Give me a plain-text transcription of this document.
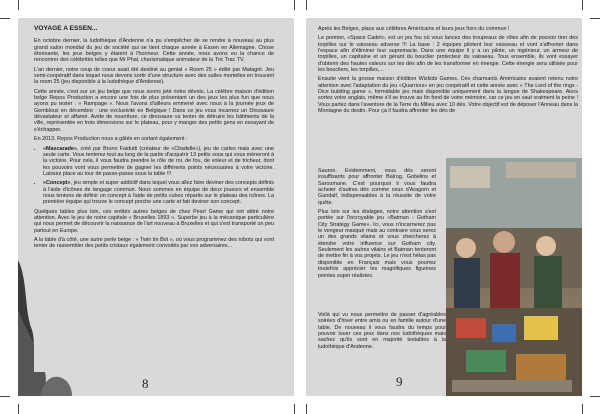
VOYAGE A ESSEN...

En octobre dernier, la ludothèque d'Andenne n'a pu s'empêcher de se rendre à nouveau au plus grand salon mondial du jeu de société qui se tient chaque année à Essen en Allemagne. Chose étonnante, les jeux belges y étaient à l'honneur. Cette année, nous avons eu la chance de rencontrer des célébrités telles que Mr Phal, charismatique animateur de la Tric Trac TV.

L'an dernier, notre coup de coeur avait été destiné au genial « Room 25 » édité par Matagot. Jeu semi-coopératif dans lequel nous devons sortir d'une structure avec des salles mortelles en trouvant la room 25 (jeu disponible à la ludothèque d'Andenne).

Cette année, c'est sur un jeu belge que nous avons jeté notre dévolu. La célèbre maison d'édition belge Repos Production a encore une fois de plus présentant un des jeux les plus fun que nous ayons pu tester : « Rampage ». Nous l'avons d'ailleurs emmené avec nous à la journée jeux de Gembloux en décembre : une exclusivité en Belgique ! Dans ce jeu vous incarnez un Dinosaure dévastateur et affamé. Avide de nourriture, ce dinosaure va tenter de détruire les bâtiments de la ville, représentée en trois dimensions sur le plateau, pour y manger des petits gens en essayant de s'échapper.

En 2013, Repos Production nous a gâtés en sortant également :

• «Mascarade», créé par Bruno Faidutti (créateur de «Citadelle»), jeu de cartes mais avec une seule carte. Vous tenterez tout au long de la partie d'acquérir 13 petits sous qui vous mèneront à la victoire. Pour cela, il vous faudra prendre le rôle de roi, de fou, de voleur et de tricheur, dont les pouvoirs vont vous permettre de gagner les différents points nécessaires à votre victoire. Laissez place au tour de passe-passe sous la table !!!
• «Concept», jeu simple et super addictif dans lequel vous allez faire deviner des concepts définis à l'aide d'icônes de langage commun. Nous sommes en équipe de deux joueurs et ensemble nous tentons de définir un concept à l'aide de petits cubes répartis sur le plateau des icônes. La première équipe qui trouve le concept proche une carte et fait deviner son concept.

Quelques tables plus loin, ces entités autres belges de chez Pearl Game qui ont attiré notre attention. Avec le jeu de notre capitale « Bruxelles 1893 ». Superbe jeu à la mécanique particulière qui nous permet de découvrir la naissance de l'art nouveau à Bruxelles et qui s'est transporté un peu partout en Europe.

A la table d'à côté, une autre perle belge : « Twin tin Bot », où vous programmez des robots qui vont tenter de rassembler des petits cristaux également convoités par vos adversaires...

8

Après les Belges, place aux célèbres Américains et leurs jeux hors du commun !

Le premier, «Space Cadet», est un jeu fou où vous lancez des troupeaux de rôles afin de pouvoir tirer des torpilles sur le vaisseau adverse !!! La base : 2 équipes pilotent leur vaisseau et vont s'affronter dans l'espace afin d'éliminer leur supremacie. Dans une équipe il y a un pilote, un ingénieur, un armeur de torpilles, un capitaine et un gérant du bouclier protecteur du vaisseau. Tous ensemble, ils vont essayer d'obtenir des hautes valeurs sur les dés afin de les transformer en énergie. Cette énergie sera utilisée pour les boucliers, les torpilles,...

Ensuite vient la grosse maison d'édition Wizkids Games. Ces charmants Américains avaient retenu notre attention avec l'adaptation du jeu «Quarriors» en jeu coopératif et cette année avec « The Lord of the rings - Dice building game », formidable jeu mais disponible uniquement dans la langue de Shakespeare. Alors sortez votre anglais, même s'il se trouve au fin fond de votre mémoire, car ce jeu en vaut vraiment la peine ! Vous partez dans l'aventure de la Terre du Milieu avec 10 dés. Votre objectif est de déposer l'Anneau dans la Montagne du destin. Pour ça il faudra affronter les dés de

Sauron. Evidemment, vous dés seront insuffisants pour affronter Balrog, Gobelins et Saroumane. C'est pourquoi il vous faudra acheter d'autres dés comme ceux d'Aragorn et Gandalf, indispensables à la réussite de votre quête.

Plus loin sur les étalages, notre attention s'est portée sur l'incroyable jeu «Batman - Gotham City Strategy Game». Ici, vous n'incarnerez pas le vengeur masqué mais au contraire vous serez un des grands vilains et vous chercherez à étendre votre influence sur Gotham city. Seulement les autres vilains et Batman tenteront de mettre fin à vos projets. Le jeu n'est hélas pas disponible en Français mais vous pourrez toutefois apprécier les magnifiques figurines peintes super réalistes.

Voilà qui vu nous permettre de passer d'agréables soirées d'hiver entre amis ou en famille autour d'une table. De nouveau il vous faudra du temps pour pouvoir louer ces jeux dans nos ludothèques mais sachez qu'ils sont en majorité testables à la ludothèque d'Andenne.

9
